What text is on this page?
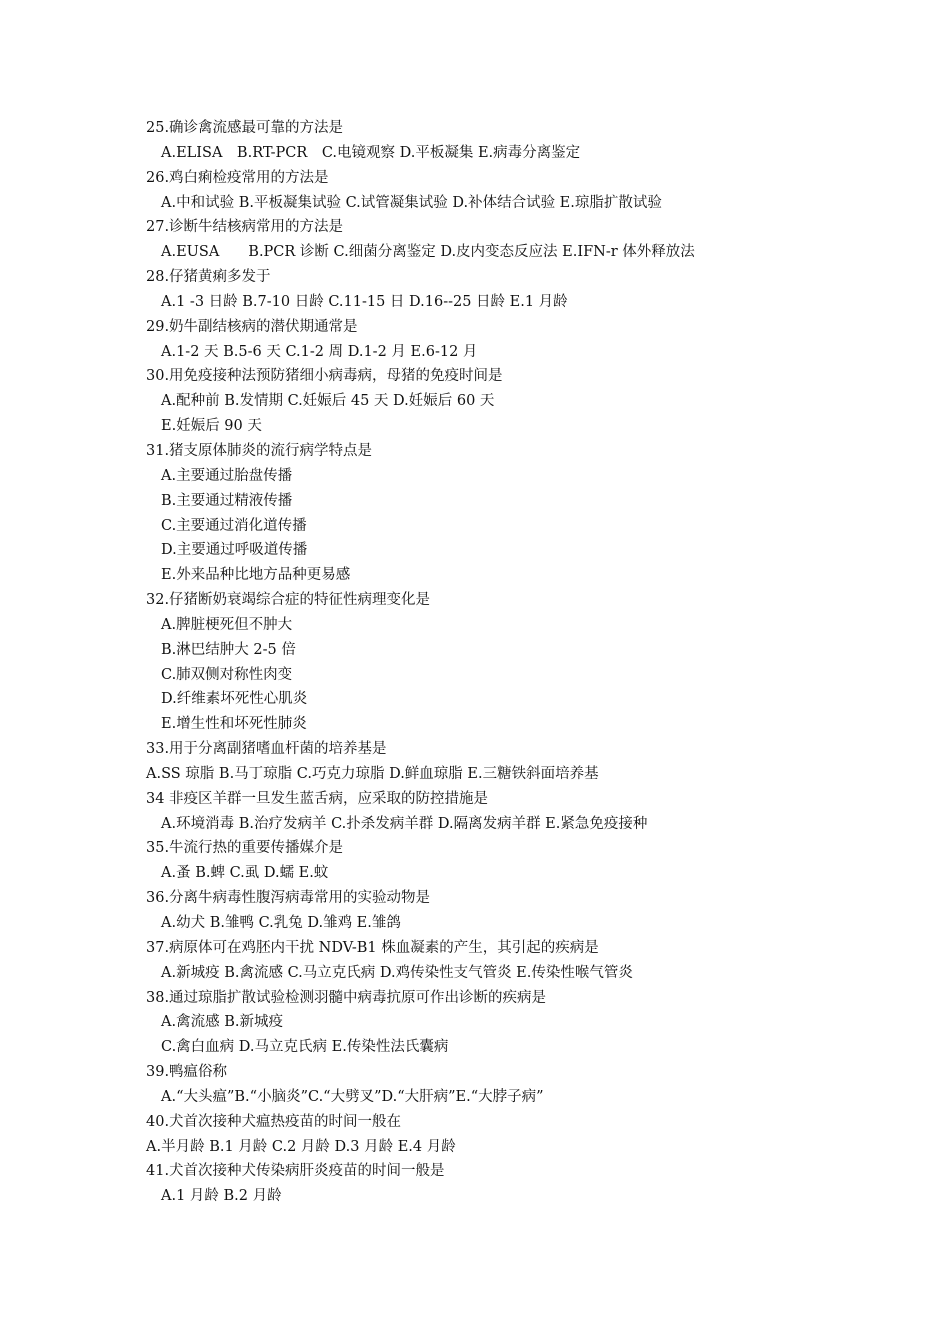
25.确诊禽流感最可靠的方法是
A.ELISA　B.RT-PCR　C.电镜观察 D.平板凝集 E.病毒分离鉴定
26.鸡白痢检疫常用的方法是
A.中和试验 B.平板凝集试验 C.试管凝集试验 D.补体结合试验 E.琼脂扩散试验
27.诊断牛结核病常用的方法是
A.EUSA　　B.PCR 诊断 C.细菌分离鉴定 D.皮内变态反应法 E.IFN-r 体外释放法
28.仔猪黄痢多发于
A.1 -3 日龄 B.7-10 日龄 C.11-15 日 D.16--25 日龄 E.1 月龄
29.奶牛副结核病的潜伏期通常是
A.1-2 天 B.5-6 天 C.1-2 周 D.1-2 月 E.6-12 月
30.用免疫接种法预防猪细小病毒病，母猪的免疫时间是
A.配种前 B.发情期 C.妊娠后 45 天 D.妊娠后 60 天
E.妊娠后 90 天
31.猪支原体肺炎的流行病学特点是
A.主要通过胎盘传播
B.主要通过精液传播
C.主要通过消化道传播
D.主要通过呼吸道传播
E.外来品种比地方品种更易感
32.仔猪断奶衰竭综合症的特征性病理变化是
A.脾脏梗死但不肿大
B.淋巴结肿大 2-5 倍
C.肺双侧对称性肉变
D.纤维素坏死性心肌炎
E.增生性和坏死性肺炎
33.用于分离副猪嗜血杆菌的培养基是
A.SS 琼脂 B.马丁琼脂 C.巧克力琼脂 D.鲜血琼脂 E.三糖铁斜面培养基
34 非疫区羊群一旦发生蓝舌病，应采取的防控措施是
A.环境消毒 B.治疗发病羊 C.扑杀发病羊群 D.隔离发病羊群 E.紧急免疫接种
35.牛流行热的重要传播媒介是
A.蚤 B.蜱 C.虱 D.蠕 E.蚊
36.分离牛病毒性腹泻病毒常用的实验动物是
A.幼犬 B.雏鸭 C.乳兔 D.雏鸡 E.雏鸽
37.病原体可在鸡胚内干扰 NDV-B1 株血凝素的产生，其引起的疾病是
A.新城疫 B.禽流感 C.马立克氏病 D.鸡传染性支气管炎 E.传染性喉气管炎
38.通过琼脂扩散试验检测羽髓中病毒抗原可作出诊断的疾病是
A.禽流感 B.新城疫
C.禽白血病 D.马立克氏病 E.传染性法氏囊病
39.鸭瘟俗称
A.“大头瘟”B.“小脑炎”C.“大劈叉”D.“大肝病”E.“大脖子病”
40.犬首次接种犬瘟热疫苗的时间一般在
A.半月龄 B.1 月龄 C.2 月龄 D.3 月龄 E.4 月龄
41.犬首次接种犬传染病肝炎疫苗的时间一般是
A.1 月龄 B.2 月龄
